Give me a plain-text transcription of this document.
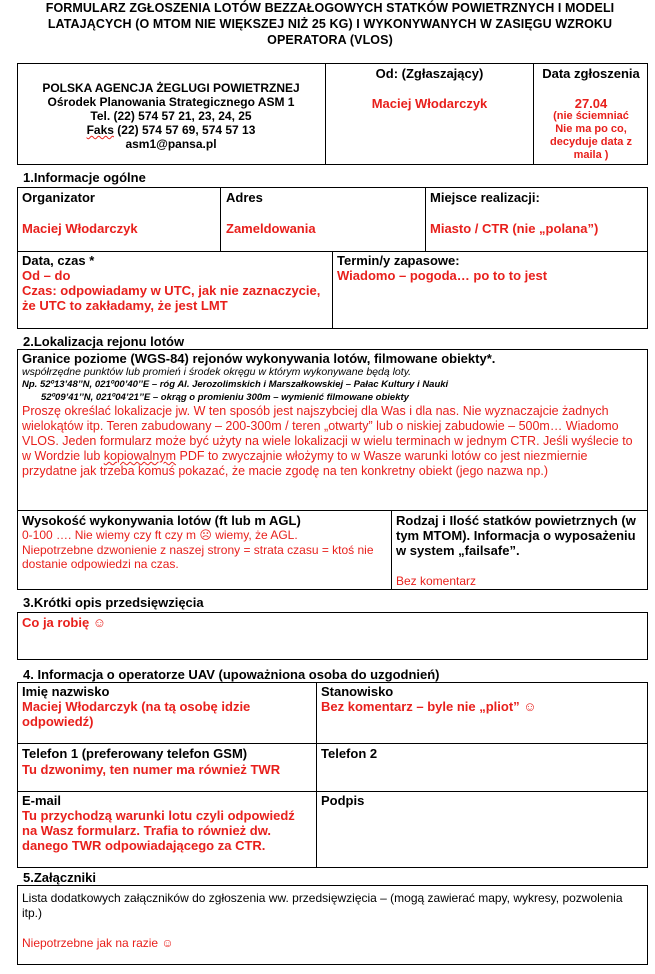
FORMULARZ ZGŁOSZENIA LOTÓW BEZZAŁOGOWYCH STATKÓW POWIETRZNYCH I MODELI LATAJĄCYCH (O MTOM NIE WIĘKSZEJ NIŻ 25 KG) I WYKONYWANYCH W ZASIĘGU WZROKU OPERATORA (VLOS)
POLSKA AGENCJA ŻEGLUGI POWIETRZNEJ
Ośrodek Planowania Strategicznego ASM 1
Tel. (22) 574 57 21, 23, 24, 25
Faks (22) 574 57 69, 574 57 13
asm1@pansa.pl
Od: (Zgłaszający)
Maciej Włodarczyk
Data zgłoszenia
27.04
(nie ściemniać Nie ma po co, decyduje data z maila )
1.Informacje ogólne
Organizator
Maciej Włodarczyk
Adres
Zameldowania
Miejsce realizacji:
Miasto / CTR (nie „polana”)
Data, czas *
Od – do
Czas: odpowiadamy w UTC, jak nie zaznaczycie, że UTC to zakładamy, że jest LMT
Termin/y zapasowe:
Wiadomo – pogoda… po to to jest
2.Lokalizacja rejonu lotów
Granice poziome (WGS-84) rejonów wykonywania lotów, filmowane obiekty*.
współrzędne punktów lub promień i środek okręgu w którym wykonywane będą loty.
Np. 52º13’48’’N, 021º00’40’’E – róg Al. Jerozolimskich i Marszałkowskiej – Pałac Kultury i Nauki
52º09’41’’N, 021º04’21’’E – okrąg o promieniu 300m – wymienić filmowane obiekty
Proszę określać lokalizacje jw. W ten sposób jest najszybciej dla Was i dla nas. Nie wyznaczajcie żadnych wielokątów itp. Teren zabudowany – 200-300m / teren „otwarty” lub o niskiej zabudowie – 500m… Wiadomo VLOS. Jeden formularz może być użyty na wiele lokalizacji w wielu terminach w jednym CTR. Jeśli wyślecie to w Wordzie lub kopiowalnym PDF to zwyczajnie włożymy to w Wasze warunki lotów co jest niezmiernie przydatne jak trzeba komuś pokazać, że macie zgodę na ten konkretny obiekt (jego nazwa np.)
Wysokość wykonywania lotów (ft lub m AGL)
0-100 …. Nie wiemy czy ft czy m ☹ wiemy, że AGL.
Niepotrzebne dzwonienie z naszej strony = strata czasu = ktoś nie dostanie odpowiedzi na czas.
Rodzaj i Ilość statków powietrznych (w tym MTOM). Informacja o wyposażeniu w system „failsafe”.
Bez komentarz
3.Krótki opis przedsięwzięcia
Co ja robię ☺
4. Informacja o operatorze UAV (upoważniona osoba do uzgodnień)
Imię nazwisko
Maciej Włodarczyk (na tą osobę idzie odpowiedź)
Stanowisko
Bez komentarz – byle nie „pliot” ☺
Telefon 1 (preferowany telefon GSM)
Tu dzwonimy, ten numer ma również TWR
Telefon 2
E-mail
Tu przychodzą warunki lotu czyli odpowiedź na Wasz formularz. Trafia to również dw. danego TWR odpowiadającego za CTR.
Podpis
5.Załączniki
Lista dodatkowych załączników do zgłoszenia ww. przedsięwzięcia – (mogą zawierać mapy, wykresy, pozwolenia itp.)
Niepotrzebne jak na razie ☺
